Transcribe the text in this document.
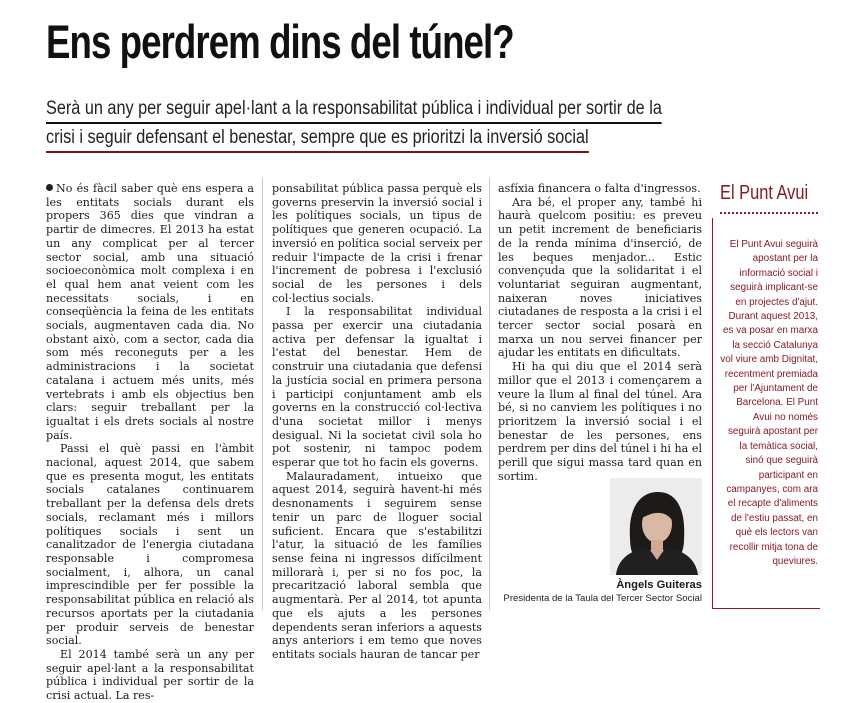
Ens perdrem dins del túnel?
Serà un any per seguir apel·lant a la responsabilitat pública i individual per sortir de la
crisi i seguir defensant el benestar, sempre que es prioritzi la inversió social

No és fàcil saber què ens espera a les entitats socials durant els propers 365 dies que vindran a partir de dimecres. El 2013 ha estat un any complicat per al tercer sector social, amb una situació socioeconòmica molt complexa i en el qual hem anat veient com les necessitats socials, i en conseqüència la feina de les entitats socials, augmentaven cada dia. No obstant això, com a sector, cada dia som més reconeguts per a les administracions i la societat catalana i actuem més units, més vertebrats i amb els objectius ben clars: seguir treballant per la igualtat i els drets socials al nostre país.

Passi el què passi en l'àmbit nacional, aquest 2014, que sabem que es presenta mogut, les entitats socials catalanes continuarem treballant per la defensa dels drets socials, reclamant més i millors polítiques socials i sent un canalitzador de l'energia ciutadana responsable i compromesa socialment, i, alhora, un canal imprescindible per fer possible la responsabilitat pública en relació als recursos aportats per la ciutadania per produir serveis de benestar social.

El 2014 també serà un any per seguir apel·lant a la responsabilitat pública i individual per sortir de la crisi actual. La res-

ponsabilitat pública passa perquè els governs preservin la inversió social i les polítiques socials, un tipus de polítiques que generen ocupació. La inversió en política social serveix per reduir l'impacte de la crisi i frenar l'increment de pobresa i l'exclusió social de les persones i dels col·lectius socials.

I la responsabilitat individual passa per exercir una ciutadania activa per defensar la igualtat i l'estat del benestar. Hem de construir una ciutadania que defensi la justícia social en primera persona i participi conjuntament amb els governs en la construcció col·lectiva d'una societat millor i menys desigual. Ni la societat civil sola ho pot sostenir, ni tampoc podem esperar que tot ho facin els governs.

Malauradament, intueixo que aquest 2014, seguirà havent-hi més desnonaments i seguirem sense tenir un parc de lloguer social suficient. Encara que s'estabilitzi l'atur, la situació de les famílies sense feina ni ingressos difícilment millorarà i, per si no fos poc, la precarització laboral sembla que augmentarà. Per al 2014, tot apunta que els ajuts a les persones dependents seran inferiors a aquests anys anteriors i em temo que noves entitats socials hauran de tancar per

asfíxia financera o falta d'ingressos.

Ara bé, el proper any, també hi haurà quelcom positiu: es preveu un petit increment de beneficiaris de la renda mínima d'inserció, de les beques menjador... Estic convençuda que la solidaritat i el voluntariat seguiran augmentant, naixeran noves iniciatives ciutadanes de resposta a la crisi i el tercer sector social posarà en marxa un nou servei financer per ajudar les entitats en dificultats.

Hi ha qui diu que el 2014 serà millor que el 2013 i començarem a veure la llum al final del túnel. Ara bé, si no canviem les polítiques i no prioritzem la inversió social i el benestar de les persones, ens perdrem per dins del túnel i hi ha el perill que sigui massa tard quan en sortim.

Àngels Guiteras
Presidenta de la Taula del Tercer Sector Social
El Punt Avui
El Punt Avui seguirà apostant per la informació social i seguirà implicant-se en projectes d'ajut. Durant aquest 2013, es va posar en marxa la secció Catalunya vol viure amb Dignitat, recentment premiada per l'Ajuntament de Barcelona. El Punt Avui no només seguirà apostant per la temàtica social, sinó que seguirà participant en campanyes, com ara el recapte d'aliments de l'estiu passat, en què els lectors van recollir mitja tona de queviures.
